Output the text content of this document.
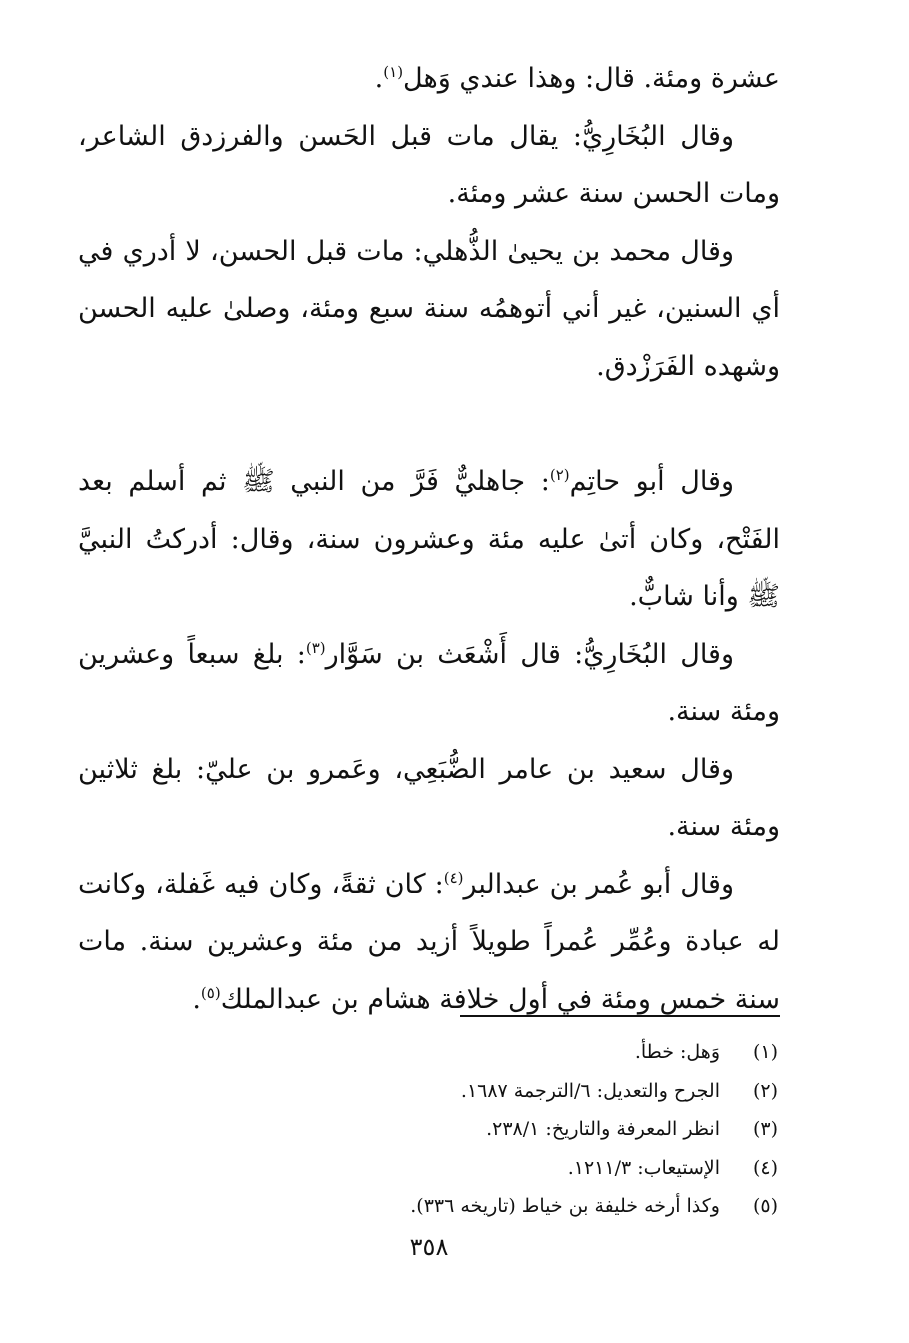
عشرة ومئة. قال: وهذا عندي وَهل$^{(١)}$.

وقال البُخَارِيُّ: يقال مات قبل الحَسن والفرزدق الشاعر، ومات الحسن سنة عشر ومئة.

وقال محمد بن يحيىٰ الذُّهلي: مات قبل الحسن، لا أدري في أي السنين، غير أني أتوهمُه سنة سبع ومئة، وصلىٰ عليه الحسن وشهده الفَرَزْدق.

وقال أبو حاتِم$^{(٢)}$: جاهليٌّ فَرَّ من النبي ﷺ ثم أسلم بعد الفَتْح، وكان أتىٰ عليه مئة وعشرون سنة، وقال: أدركتُ النبيَّ ﷺ وأنا شابٌّ.

وقال البُخَارِيُّ: قال أَشْعَث بن سَوَّار$^{(٣)}$: بلغ سبعاً وعشرين ومئة سنة.

وقال سعيد بن عامر الضُّبَعِي، وعَمرو بن عليّ: بلغ ثلاثين ومئة سنة.

وقال أبو عُمر بن عبدالبر$^{(٤)}$: كان ثقةً، وكان فيه غَفلة، وكانت له عبادة وعُمِّر عُمراً طويلاً أزيد من مئة وعشرين سنة. مات سنة خمس ومئة في أول خلافة هشام بن عبدالملك$^{(٥)}$.

(١)
وَهل: خطأ.
(٢)
الجرح والتعديل: ٦/الترجمة ١٦٨٧.
(٣)
انظر المعرفة والتاريخ: ٢٣٨/١.
(٤)
الإستيعاب: ١٢١١/٣.
(٥)
وكذا أرخه خليفة بن خياط (تاريخه ٣٣٦).
٣٥٨
